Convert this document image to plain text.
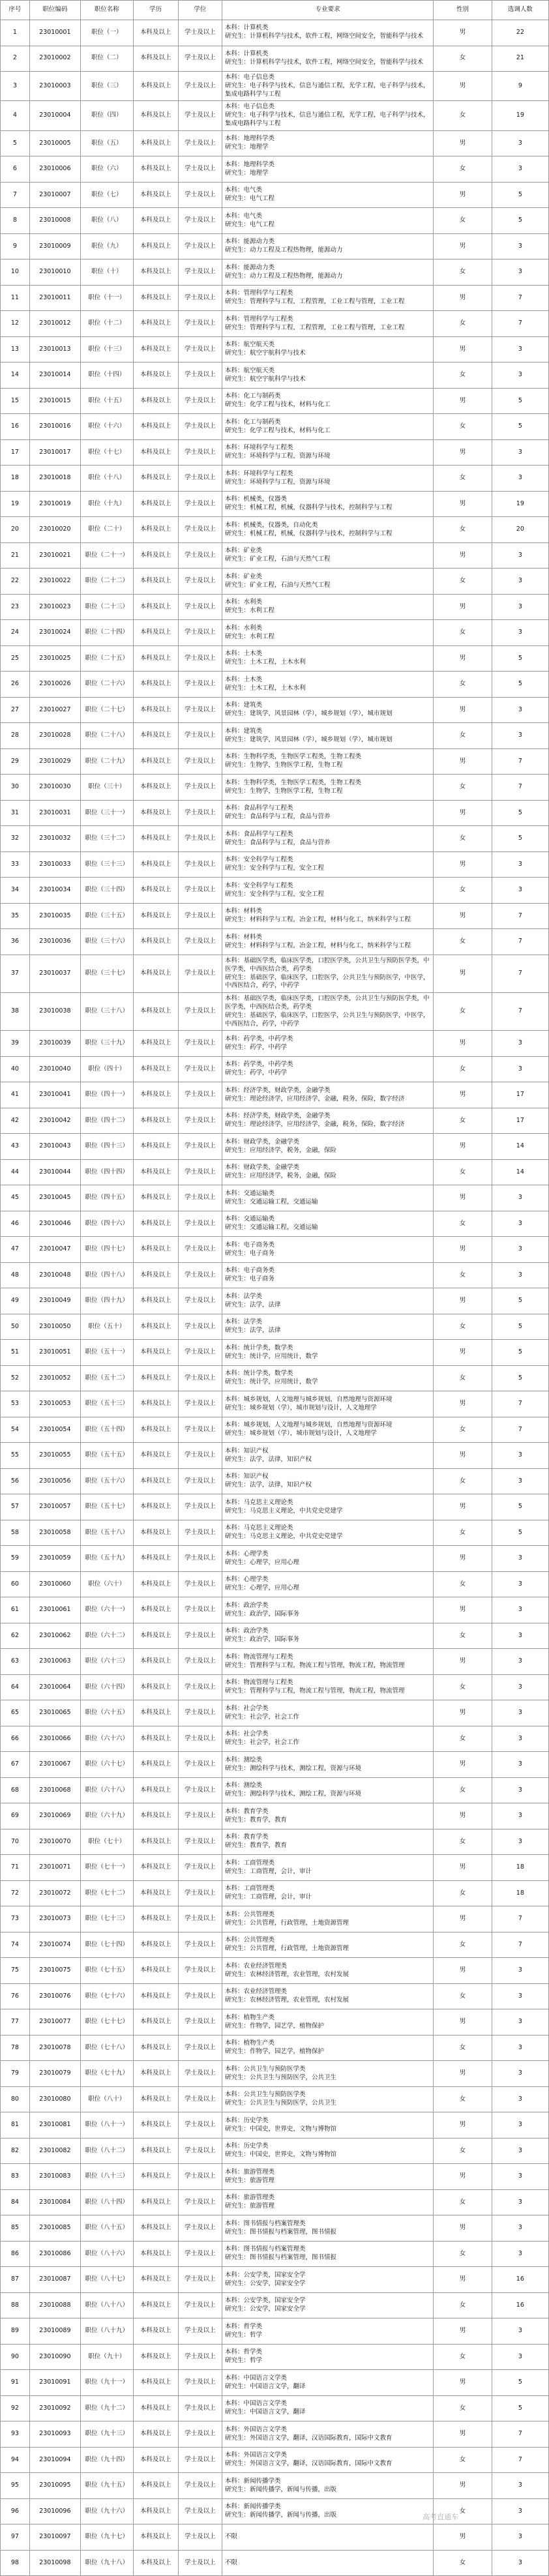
序号	职位编码	职位名称	学历	学位	专业要求	性别	选调人数
1	23010001	职位（一）	本科及以上	学士及以上	本科：计算机类
研究生：计算机科学与技术，软件工程，网络空间安全，智能科学与技术	男	22
2	23010002	职位（二）	本科及以上	学士及以上	本科：计算机类
研究生：计算机科学与技术，软件工程，网络空间安全，智能科学与技术	女	21
3	23010003	职位（三）	本科及以上	学士及以上	本科：电子信息类
研究生：电子科学与技术，信息与通信工程，光学工程，电子科学与技术，集成电路科学与工程	男	9
4	23010004	职位（四）	本科及以上	学士及以上	本科：电子信息类
研究生：电子科学与技术，信息与通信工程，光学工程，电子科学与技术，集成电路科学与工程	女	19
5	23010005	职位（五）	本科及以上	学士及以上	本科：地理科学类
研究生：地理学	男	3
6	23010006	职位（六）	本科及以上	学士及以上	本科：地理科学类
研究生：地理学	女	3
7	23010007	职位（七）	本科及以上	学士及以上	本科：电气类
研究生：电气工程	男	5
8	23010008	职位（八）	本科及以上	学士及以上	本科：电气类
研究生：电气工程	女	5
9	23010009	职位（九）	本科及以上	学士及以上	本科：能源动力类
研究生：动力工程及工程热物理，能源动力	男	3
10	23010010	职位（十）	本科及以上	学士及以上	本科：能源动力类
研究生：动力工程及工程热物理，能源动力	女	3
11	23010011	职位（十一）	本科及以上	学士及以上	本科：管理科学与工程类
研究生：管理科学与工程，工程管理，工业工程与管理，工业工程	男	7
12	23010012	职位（十二）	本科及以上	学士及以上	本科：管理科学与工程类
研究生：管理科学与工程，工程管理，工业工程与管理，工业工程	女	7
13	23010013	职位（十三）	本科及以上	学士及以上	本科：航空航天类
研究生：航空宇航科学与技术	男	3
14	23010014	职位（十四）	本科及以上	学士及以上	本科：航空航天类
研究生：航空宇航科学与技术	女	3
15	23010015	职位（十五）	本科及以上	学士及以上	本科：化工与制药类
研究生：化学工程与技术，材料与化工	男	5
16	23010016	职位（十六）	本科及以上	学士及以上	本科：化工与制药类
研究生：化学工程与技术，材料与化工	女	5
17	23010017	职位（十七）	本科及以上	学士及以上	本科：环境科学与工程类
研究生：环境科学与工程，资源与环境	男	3
18	23010018	职位（十八）	本科及以上	学士及以上	本科：环境科学与工程类
研究生：环境科学与工程，资源与环境	女	3
19	23010019	职位（十九）	本科及以上	学士及以上	本科：机械类，仪器类
研究生：机械工程，机械，仪器科学与技术，控制科学与工程	男	19
20	23010020	职位（二十）	本科及以上	学士及以上	本科：机械类，仪器类，自动化类
研究生：机械工程，机械，仪器科学与技术，控制科学与工程	女	20
21	23010021	职位（二十一）	本科及以上	学士及以上	本科：矿业类
研究生：矿业工程，石油与天然气工程	男	3
22	23010022	职位（二十二）	本科及以上	学士及以上	本科：矿业类
研究生：矿业工程，石油与天然气工程	女	3
23	23010023	职位（二十三）	本科及以上	学士及以上	本科：水利类
研究生：水利工程	男	3
24	23010024	职位（二十四）	本科及以上	学士及以上	本科：水利类
研究生：水利工程	女	3
25	23010025	职位（二十五）	本科及以上	学士及以上	本科：土木类
研究生：土木工程，土木水利	男	5
26	23010026	职位（二十六）	本科及以上	学士及以上	本科：土木类
研究生：土木工程，土木水利	女	5
27	23010027	职位（二十七）	本科及以上	学士及以上	本科：建筑类
研究生：建筑学，风景园林（学），城乡规划（学），城市规划	男	3
28	23010028	职位（二十八）	本科及以上	学士及以上	本科：建筑类
研究生：建筑学，风景园林（学），城乡规划（学），城市规划	女	3
29	23010029	职位（二十九）	本科及以上	学士及以上	本科：生物科学类，生物医学工程类，生物工程类
研究生：生物学，生物医学工程，生物工程	男	7
30	23010030	职位（三十）	本科及以上	学士及以上	本科：生物科学类，生物医学工程类，生物工程类
研究生：生物学，生物医学工程，生物工程	女	7
31	23010031	职位（三十一）	本科及以上	学士及以上	本科：食品科学与工程类
研究生：食品科学与工程，食品与营养	男	5
32	23010032	职位（三十二）	本科及以上	学士及以上	本科：食品科学与工程类
研究生：食品科学与工程，食品与营养	女	5
33	23010033	职位（三十三）	本科及以上	学士及以上	本科：安全科学与工程类
研究生：安全科学与工程，安全工程	男	3
34	23010034	职位（三十四）	本科及以上	学士及以上	本科：安全科学与工程类
研究生：安全科学与工程，安全工程	女	3
35	23010035	职位（三十五）	本科及以上	学士及以上	本科：材料类
研究生：材料科学与工程，冶金工程，材料与化工，纳米科学与工程	男	7
36	23010036	职位（三十六）	本科及以上	学士及以上	本科：材料类
研究生：材料科学与工程，冶金工程，材料与化工，纳米科学与工程	女	7
37	23010037	职位（三十七）	本科及以上	学士及以上	本科：基础医学类，临床医学类，口腔医学类，公共卫生与预防医学类，中医学类，中西医结合类，药学类
研究生：基础医学，临床医学，口腔医学，公共卫生与预防医学，中医学，中西医结合，药学，中药学	男	7
38	23010038	职位（三十八）	本科及以上	学士及以上	本科：基础医学类，临床医学类，口腔医学类，公共卫生与预防医学类，中医学类，中西医结合类，药学类
研究生：基础医学，临床医学，口腔医学，公共卫生与预防医学，中医学，中西医结合，药学，中药学	女	7
39	23010039	职位（三十九）	本科及以上	学士及以上	本科：药学类，中药学类
研究生：药学，中药学	男	3
40	23010040	职位（四十）	本科及以上	学士及以上	本科：药学类，中药学类
研究生：药学，中药学	女	3
41	23010041	职位（四十一）	本科及以上	学士及以上	本科：经济学类，财政学类，金融学类
研究生：理论经济学，应用经济学，金融，税务，保险，数字经济	男	17
42	23010042	职位（四十二）	本科及以上	学士及以上	本科：经济学类，财政学类，金融学类
研究生：理论经济学，应用经济学，金融，税务，保险，数字经济	女	17
43	23010043	职位（四十三）	本科及以上	学士及以上	本科：财政学类，金融学类
研究生：应用经济学，税务，金融，保险	男	14
44	23010044	职位（四十四）	本科及以上	学士及以上	本科：财政学类，金融学类
研究生：应用经济学，税务，金融，保险	女	14
45	23010045	职位（四十五）	本科及以上	学士及以上	本科：交通运输类
研究生：交通运输工程，交通运输	男	3
46	23010046	职位（四十六）	本科及以上	学士及以上	本科：交通运输类
研究生：交通运输工程，交通运输	女	3
47	23010047	职位（四十七）	本科及以上	学士及以上	本科：电子商务类
研究生：电子商务	男	3
48	23010048	职位（四十八）	本科及以上	学士及以上	本科：电子商务类
研究生：电子商务	女	3
49	23010049	职位（四十九）	本科及以上	学士及以上	本科：法学类
研究生：法学，法律	男	5
50	23010050	职位（五十）	本科及以上	学士及以上	本科：法学类
研究生：法学，法律	女	5
51	23010051	职位（五十一）	本科及以上	学士及以上	本科：统计学类，数学类
研究生：统计学，应用统计，数学	男	5
52	23010052	职位（五十二）	本科及以上	学士及以上	本科：统计学类，数学类
研究生：统计学，应用统计，数学	女	5
53	23010053	职位（五十三）	本科及以上	学士及以上	本科：城乡规划，人文地理与城乡规划，自然地理与资源环境
研究生：城乡规划（学），城市规划与设计，人文地理学	男	7
54	23010054	职位（五十四）	本科及以上	学士及以上	本科：城乡规划，人文地理与城乡规划，自然地理与资源环境
研究生：城乡规划（学），城市规划与设计，人文地理学	女	7
55	23010055	职位（五十五）	本科及以上	学士及以上	本科：知识产权
研究生：法学，法律，知识产权	男	3
56	23010056	职位（五十六）	本科及以上	学士及以上	本科：知识产权
研究生：法学，法律，知识产权	女	3
57	23010057	职位（五十七）	本科及以上	学士及以上	本科：马克思主义理论类
研究生：马克思主义理论，中共党史党建学	男	5
58	23010058	职位（五十八）	本科及以上	学士及以上	本科：马克思主义理论类
研究生：马克思主义理论，中共党史党建学	女	5
59	23010059	职位（五十九）	本科及以上	学士及以上	本科：心理学类
研究生：心理学，应用心理	男	3
60	23010060	职位（六十）	本科及以上	学士及以上	本科：心理学类
研究生：心理学，应用心理	女	3
61	23010061	职位（六十一）	本科及以上	学士及以上	本科：政治学类
研究生：政治学，国际事务	男	3
62	23010062	职位（六十二）	本科及以上	学士及以上	本科：政治学类
研究生：政治学，国际事务	女	3
63	23010063	职位（六十三）	本科及以上	学士及以上	本科：物流管理与工程类
研究生：管理科学与工程，物流工程与管理，物流工程，物流管理	男	3
64	23010064	职位（六十四）	本科及以上	学士及以上	本科：物流管理与工程类
研究生：管理科学与工程，物流工程与管理，物流工程，物流管理	女	3
65	23010065	职位（六十五）	本科及以上	学士及以上	本科：社会学类
研究生：社会学，社会工作	男	3
66	23010066	职位（六十六）	本科及以上	学士及以上	本科：社会学类
研究生：社会学，社会工作	女	3
67	23010067	职位（六十七）	本科及以上	学士及以上	本科：测绘类
研究生：测绘科学与技术，测绘工程，资源与环境	男	3
68	23010068	职位（六十八）	本科及以上	学士及以上	本科：测绘类
研究生：测绘科学与技术，测绘工程，资源与环境	女	3
69	23010069	职位（六十九）	本科及以上	学士及以上	本科：教育学类
研究生：教育学，教育	男	3
70	23010070	职位（七十）	本科及以上	学士及以上	本科：教育学类
研究生：教育学，教育	女	3
71	23010071	职位（七十一）	本科及以上	学士及以上	本科：工商管理类
研究生：工商管理，会计，审计	男	18
72	23010072	职位（七十二）	本科及以上	学士及以上	本科：工商管理类
研究生：工商管理，会计，审计	女	18
73	23010073	职位（七十三）	本科及以上	学士及以上	本科：公共管理类
研究生：公共管理，行政管理，土地资源管理	男	7
74	23010074	职位（七十四）	本科及以上	学士及以上	本科：公共管理类
研究生：公共管理，行政管理，土地资源管理	女	7
75	23010075	职位（七十五）	本科及以上	学士及以上	本科：农业经济管理类
研究生：农林经济管理，农业管理，农村发展	男	3
76	23010076	职位（七十六）	本科及以上	学士及以上	本科：农业经济管理类
研究生：农林经济管理，农业管理，农村发展	女	3
77	23010077	职位（七十七）	本科及以上	学士及以上	本科：植物生产类
研究生：作物学，园艺学，植物保护	男	3
78	23010078	职位（七十八）	本科及以上	学士及以上	本科：植物生产类
研究生：作物学，园艺学，植物保护	女	3
79	23010079	职位（七十九）	本科及以上	学士及以上	本科：公共卫生与预防医学类
研究生：公共卫生与预防医学，公共卫生	男	3
80	23010080	职位（八十）	本科及以上	学士及以上	本科：公共卫生与预防医学类
研究生：公共卫生与预防医学，公共卫生	女	3
81	23010081	职位（八十一）	本科及以上	学士及以上	本科：历史学类
研究生：中国史，世界史，文物与博物馆	男	3
82	23010082	职位（八十二）	本科及以上	学士及以上	本科：历史学类
研究生：中国史，世界史，文物与博物馆	女	3
83	23010083	职位（八十三）	本科及以上	学士及以上	本科：旅游管理类
研究生：旅游管理	男	3
84	23010084	职位（八十四）	本科及以上	学士及以上	本科：旅游管理类
研究生：旅游管理	女	3
85	23010085	职位（八十五）	本科及以上	学士及以上	本科：图书情报与档案管理类
研究生：图书情报与档案管理，图书情报	男	3
86	23010086	职位（八十六）	本科及以上	学士及以上	本科：图书情报与档案管理类
研究生：图书情报与档案管理，图书情报	女	3
87	23010087	职位（八十七）	本科及以上	学士及以上	本科：公安学类，国家安全学
研究生：公安学，国家安全学	男	16
88	23010088	职位（八十八）	本科及以上	学士及以上	本科：公安学类，国家安全学
研究生：公安学，国家安全学	女	16
89	23010089	职位（八十九）	本科及以上	学士及以上	本科：哲学类
研究生：哲学	男	3
90	23010090	职位（九十）	本科及以上	学士及以上	本科：哲学类
研究生：哲学	女	3
91	23010091	职位（九十一）	本科及以上	学士及以上	本科：中国语言文学类
研究生：中国语言文学，翻译	男	5
92	23010092	职位（九十二）	本科及以上	学士及以上	本科：中国语言文学类
研究生：中国语言文学，翻译	女	5
93	23010093	职位（九十三）	本科及以上	学士及以上	本科：外国语言文学类
研究生：外国语言文学，翻译，汉语国际教育，国际中文教育	男	7
94	23010094	职位（九十四）	本科及以上	学士及以上	本科：外国语言文学类
研究生：外国语言文学，翻译，汉语国际教育，国际中文教育	女	7
95	23010095	职位（九十五）	本科及以上	学士及以上	本科：新闻传播学类
研究生：新闻传播学，新闻与传播，出版	男	3
96	23010096	职位（九十六）	本科及以上	学士及以上	本科：新闻传播学类
研究生：新闻传播学，新闻与传播，出版	女	3
97	23010097	职位（九十七）	本科及以上	学士及以上	不限	男	3
98	23010098	职位（九十八）	本科及以上	学士及以上	不限	女	3
高考直通车
